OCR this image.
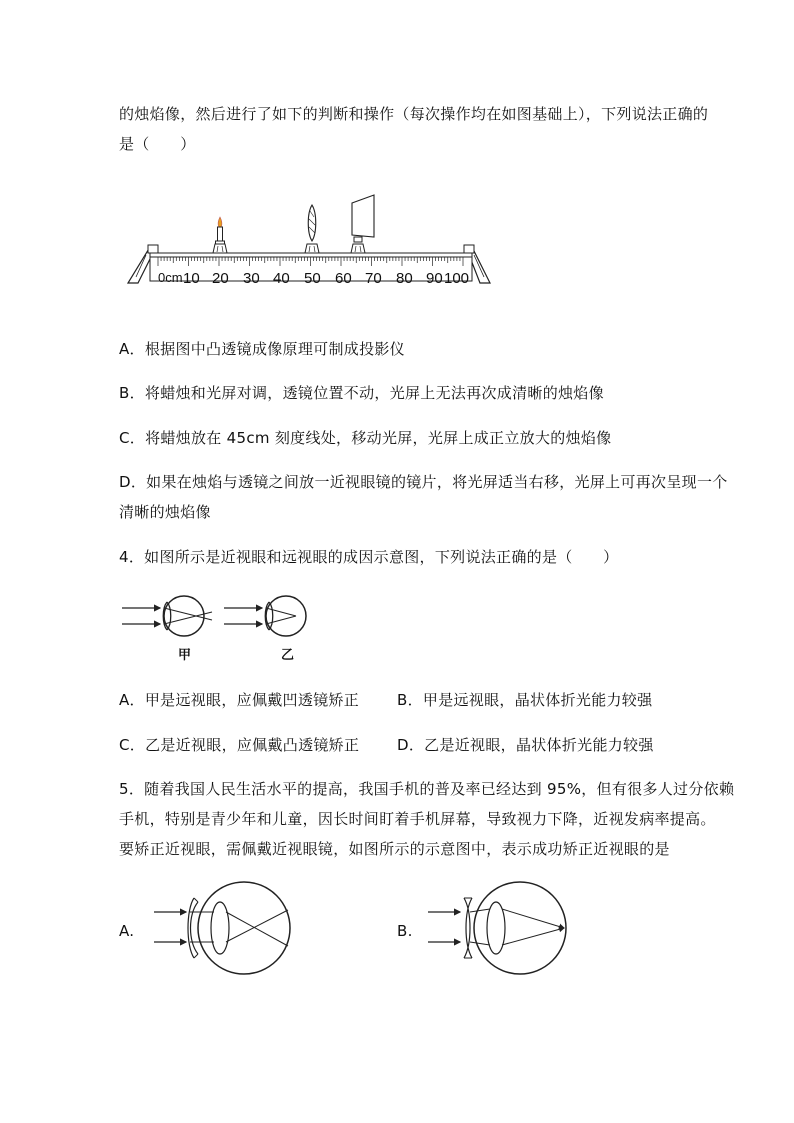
的烛焰像，然后进行了如下的判断和操作（每次操作均在如图基础上），下列说法正确的
是（　　）
0cm 10 20 30 40 50 60 70 80 90 100
A．根据图中凸透镜成像原理可制成投影仪
B．将蜡烛和光屏对调，透镜位置不动，光屏上无法再次成清晰的烛焰像
C．将蜡烛放在 45cm 刻度线处，移动光屏，光屏上成正立放大的烛焰像
D．如果在烛焰与透镜之间放一近视眼镜的镜片，将光屏适当右移，光屏上可再次呈现一个
清晰的烛焰像
4．如图所示是近视眼和远视眼的成因示意图，下列说法正确的是（　　）
甲	乙
A．甲是远视眼，应佩戴凹透镜矫正	B．甲是远视眼，晶状体折光能力较强
C．乙是近视眼，应佩戴凸透镜矫正	D．乙是近视眼，晶状体折光能力较强
5．随着我国人民生活水平的提高，我国手机的普及率已经达到 95%，但有很多人过分依赖
手机，特别是青少年和儿童，因长时间盯着手机屏幕，导致视力下降，近视发病率提高。
要矫正近视眼，需佩戴近视眼镜，如图所示的示意图中，表示成功矫正近视眼的是
A.	B.
